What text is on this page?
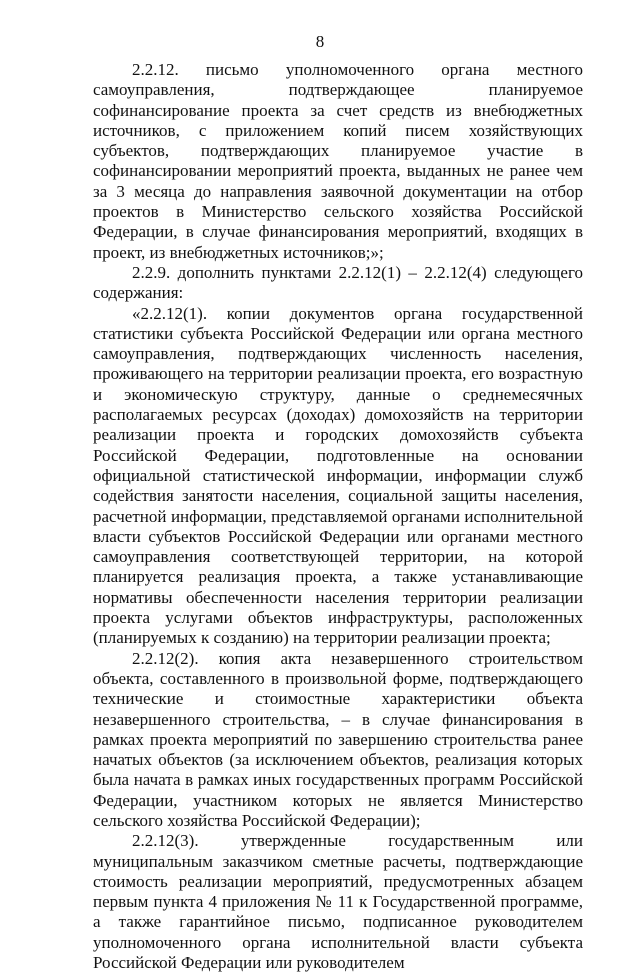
8

2.2.12. письмо уполномоченного органа местного самоуправления, подтверждающее планируемое софинансирование проекта за счет средств из внебюджетных источников, с приложением копий писем хозяйствующих субъектов, подтверждающих планируемое участие в софинансировании мероприятий проекта, выданных не ранее чем за 3 месяца до направления заявочной документации на отбор проектов в Министерство сельского хозяйства Российской Федерации, в случае финансирования мероприятий, входящих в проект, из внебюджетных источников;»;

2.2.9. дополнить пунктами 2.2.12(1) – 2.2.12(4) следующего содержания:

«2.2.12(1). копии документов органа государственной статистики субъекта Российской Федерации или органа местного самоуправления, подтверждающих численность населения, проживающего на территории реализации проекта, его возрастную и экономическую структуру, данные о среднемесячных располагаемых ресурсах (доходах) домохозяйств на территории реализации проекта и городских домохозяйств субъекта Российской Федерации, подготовленные на основании официальной статистической информации, информации служб содействия занятости населения, социальной защиты населения, расчетной информации, представляемой органами исполнительной власти субъектов Российской Федерации или органами местного самоуправления соответствующей территории, на которой планируется реализация проекта, а также устанавливающие нормативы обеспеченности населения территории реализации проекта услугами объектов инфраструктуры, расположенных (планируемых к созданию) на территории реализации проекта;

2.2.12(2). копия акта незавершенного строительством объекта, составленного в произвольной форме, подтверждающего технические и стоимостные характеристики объекта незавершенного строительства, – в случае финансирования в рамках проекта мероприятий по завершению строительства ранее начатых объектов (за исключением объектов, реализация которых была начата в рамках иных государственных программ Российской Федерации, участником которых не является Министерство сельского хозяйства Российской Федерации);

2.2.12(3). утвержденные государственным или муниципальным заказчиком сметные расчеты, подтверждающие стоимость реализации мероприятий, предусмотренных абзацем первым пункта 4 приложения № 11 к Государственной программе, а также гарантийное письмо, подписанное руководителем уполномоченного органа исполнительной власти субъекта Российской Федерации или руководителем
